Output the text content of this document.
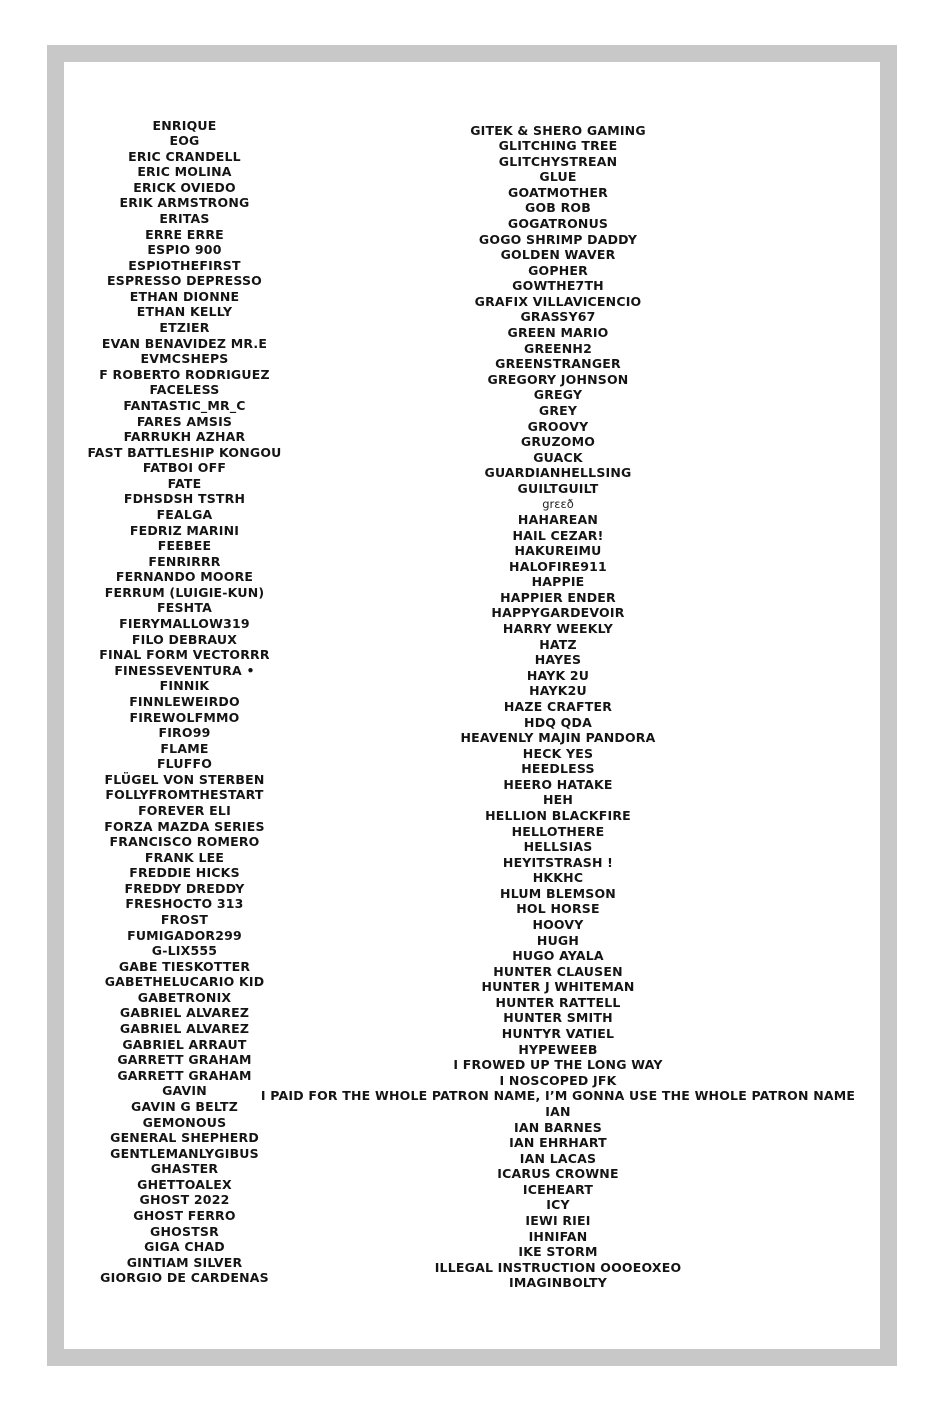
ENRIQUE
EOG
ERIC CRANDELL
ERIC MOLINA
ERICK OVIEDO
ERIK ARMSTRONG
ERITAS
ERRE ERRE
ESPIO 900
ESPIOTHEFIRST
ESPRESSO DEPRESSO
ETHAN DIONNE
ETHAN KELLY
ETZIER
EVAN BENAVIDEZ MR.E
EVMCSHEPS
F ROBERTO RODRIGUEZ
FACELESS
FANTASTIC_MR_C
FARES AMSIS
FARRUKH AZHAR
FAST BATTLESHIP KONGOU
FATBOI OFF
FATE
FDHSDSH TSTRH
FEALGA
FEDRIZ MARINI
FEEBEE
FENRIRRR
FERNANDO MOORE
FERRUM (LUIGIE-KUN)
FESHTA
FIERYMALLOW319
FILO DEBRAUX
FINAL FORM VECTORRR
FINESSEVENTURA •
FINNIK
FINNLEWEIRDO
FIREWOLFMMO
FIRO99
FLAME
FLUFFO
FLÜGEL VON STERBEN
FOLLYFROMTHESTART
FOREVER ELI
FORZA MAZDA SERIES
FRANCISCO ROMERO
FRANK LEE
FREDDIE HICKS
FREDDY DREDDY
FRESHOCTO 313
FROST
FUMIGADOR299
G-LIX555
GABE TIESKOTTER
GABETHELUCARIO KID
GABETRONIX
GABRIEL ALVAREZ
GABRIEL ALVAREZ
GABRIEL ARRAUT
GARRETT GRAHAM
GARRETT GRAHAM
GAVIN
GAVIN G BELTZ
GEMONOUS
GENERAL SHEPHERD
GENTLEMANLYGIBUS
GHASTER
GHETTOALEX
GHOST 2022
GHOST FERRO
GHOSTSR
GIGA CHAD
GINTIAM SILVER
GIORGIO DE CARDENAS
GITEK & SHERO GAMING
GLITCHING TREE
GLITCHYSTREAN
GLUE
GOATMOTHER
GOB ROB
GOGATRONUS
GOGO SHRIMP DADDY
GOLDEN WAVER
GOPHER
GOWTHE7TH
GRAFIX VILLAVICENCIO
GRASSY67
GREEN MARIO
GREENH2
GREENSTRANGER
GREGORY JOHNSON
GREGY
GREY
GROOVY
GRUZOMO
GUACK
GUARDIANHELLSING
GUILTGUILT
grεεð
HAHAREAN
HAIL CEZAR!
HAKUREIMU
HALOFIRE911
HAPPIE
HAPPIER ENDER
HAPPYGARDEVOIR
HARRY WEEKLY
HATZ
HAYES
HAYK 2U
HAYK2U
HAZE CRAFTER
HDQ QDA
HEAVENLY MAJIN PANDORA
HECK YES
HEEDLESS
HEERO HATAKE
HEH
HELLION BLACKFIRE
HELLOTHERE
HELLSIAS
HEYITSTRASH !
HKKHC
HLUM BLEMSON
HOL HORSE
HOOVY
HUGH
HUGO AYALA
HUNTER CLAUSEN
HUNTER J WHITEMAN
HUNTER RATTELL
HUNTER SMITH
HUNTYR VATIEL
HYPEWEEB
I FROWED UP THE LONG WAY
I NOSCOPED JFK
I PAID FOR THE WHOLE PATRON NAME, I’M GONNA USE THE WHOLE PATRON NAME
IAN
IAN BARNES
IAN EHRHART
IAN LACAS
ICARUS CROWNE
ICEHEART
ICY
IEWI RIEI
IHNIFAN
IKE STORM
ILLEGAL INSTRUCTION OOOEOXEO
IMAGINBOLTY
